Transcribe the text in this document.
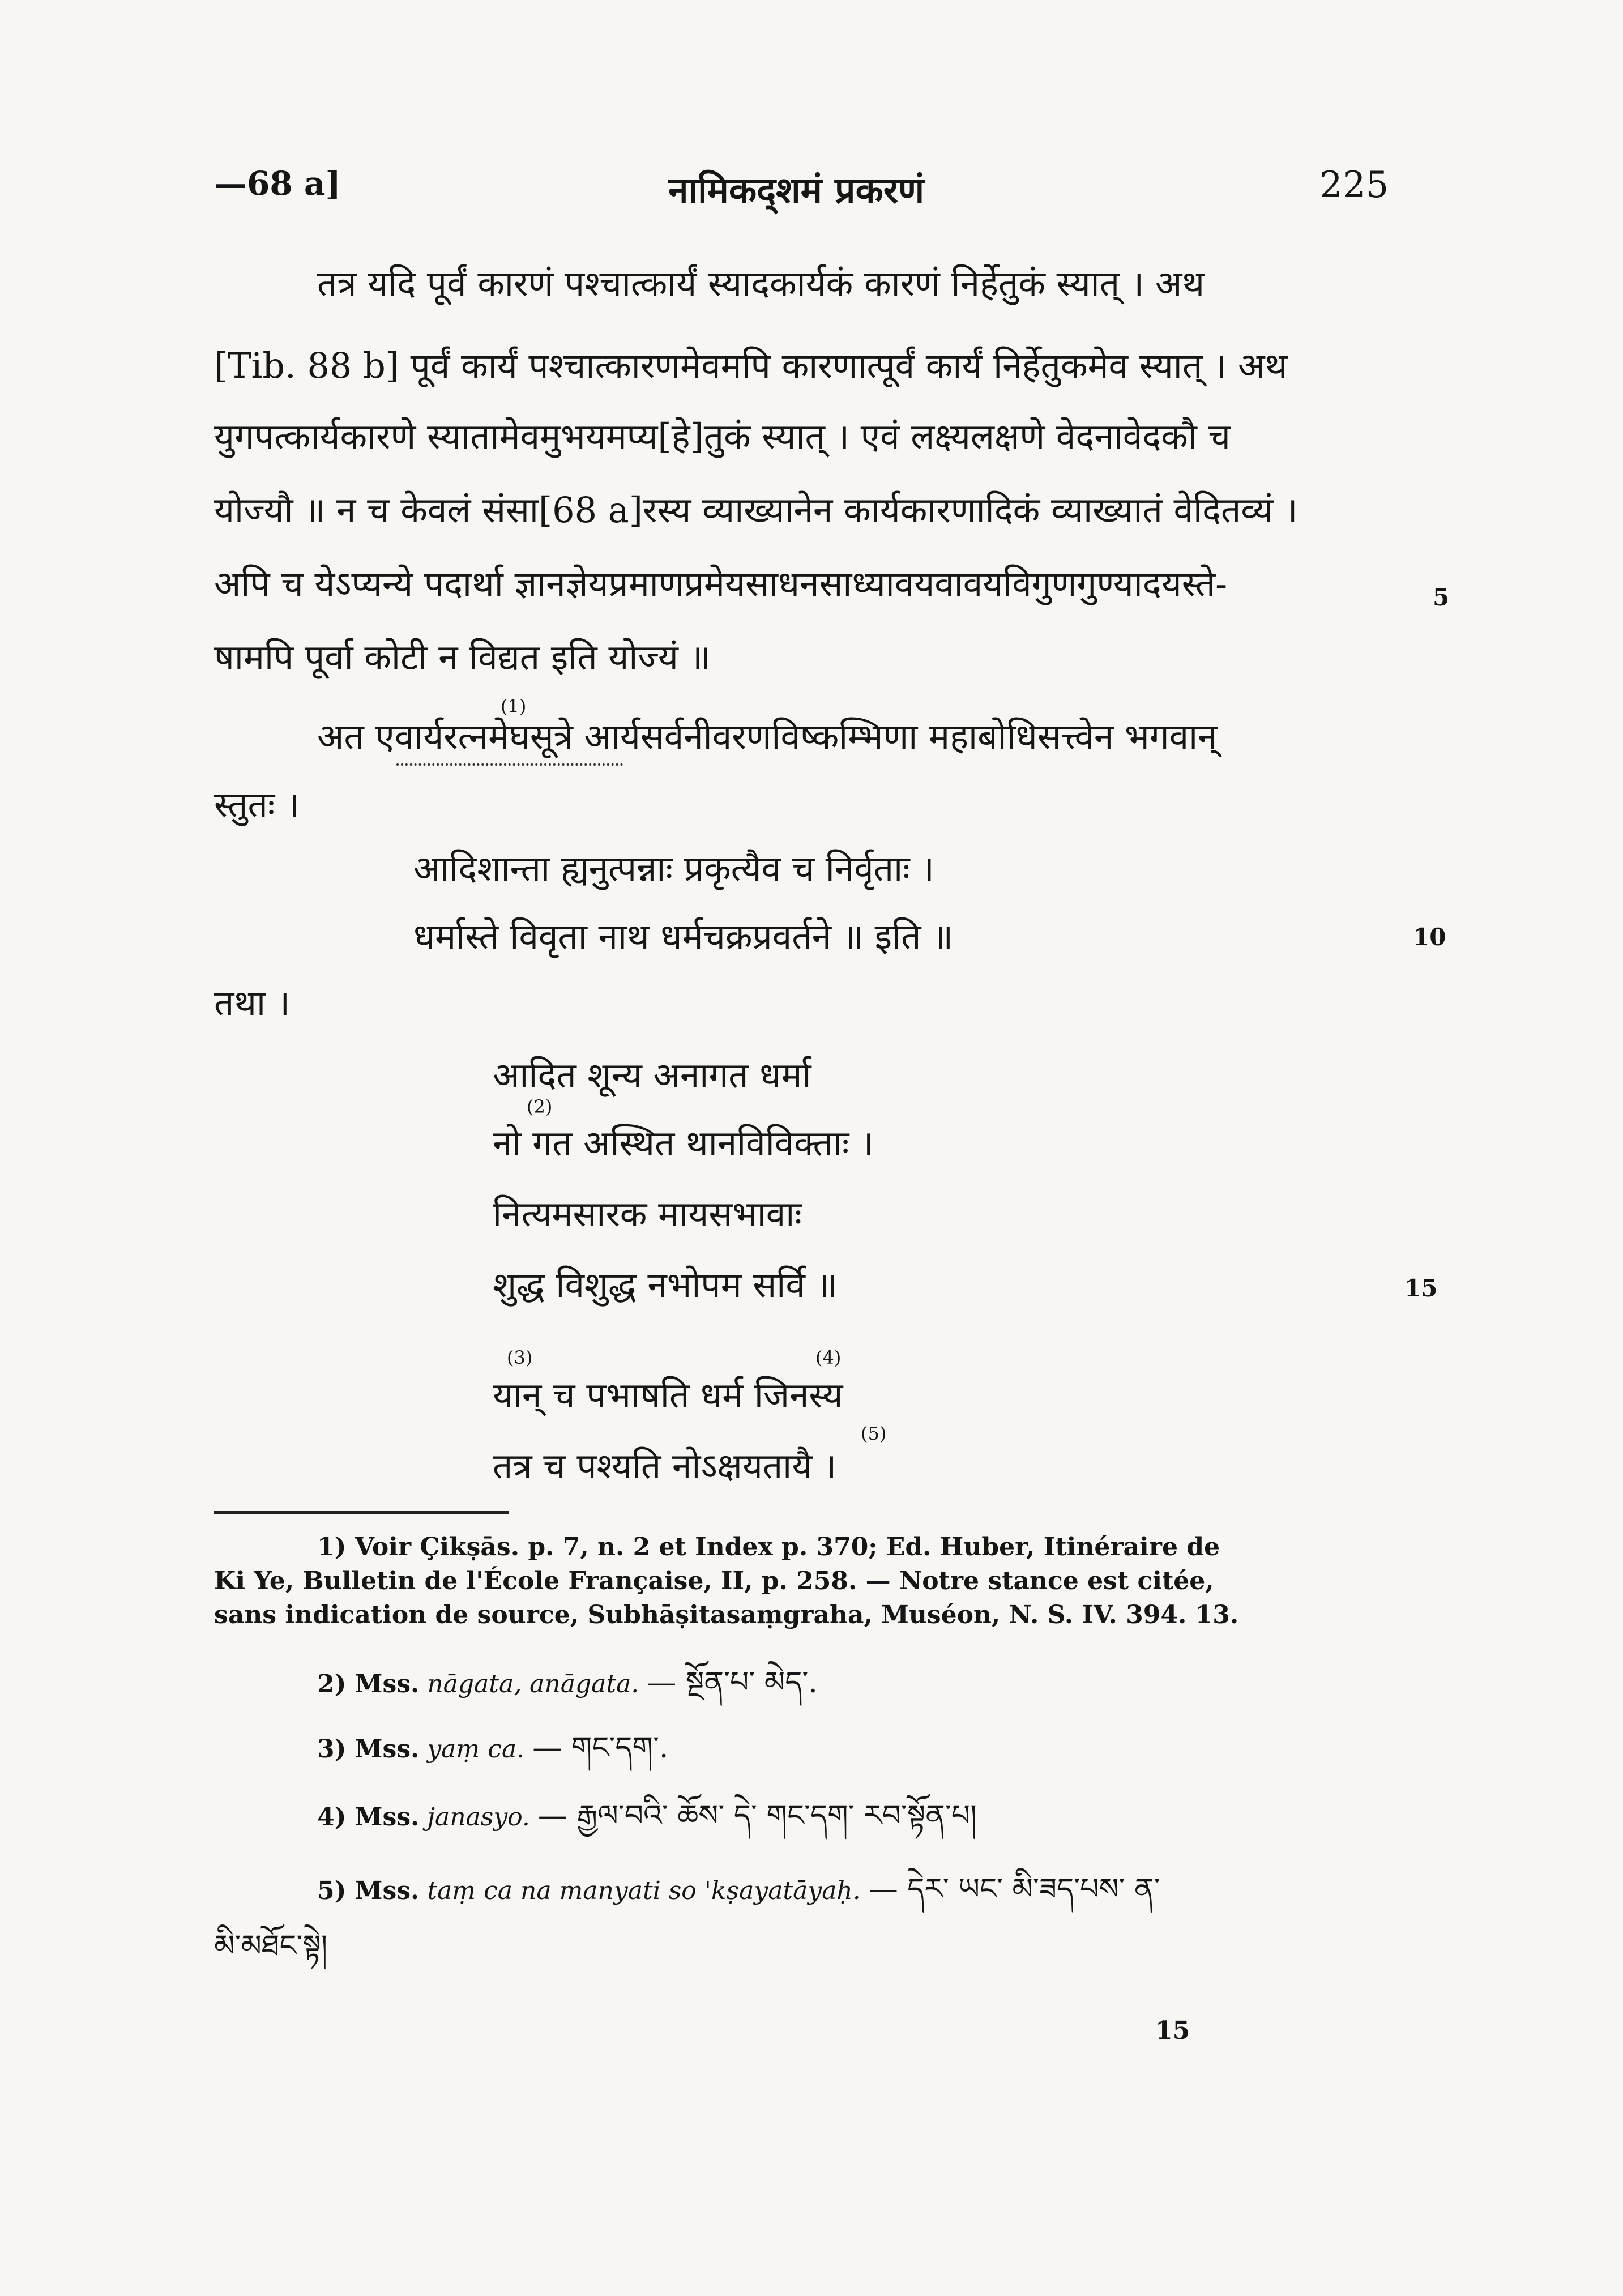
—68 a]	नामिकद्शमं प्रकरणं	225
तत्र यदि पूर्वं कारणं पश्चात्कार्यं स्यादकार्यकं कारणं निर्हेतुकं स्यात् । अथ
[Tib. 88 b] पूर्वं कार्यं पश्चात्कारणमेवमपि कारणात्पूर्वं कार्यं निर्हेतुकमेव स्यात् । अथ
युगपत्कार्यकारणे स्यातामेवमुभयमप्य[हे]तुकं स्यात् । एवं लक्ष्यलक्षणे वेदनावेदकौ च
योज्यौ ॥ न च केवलं संसा[68 a]रस्य व्याख्यानेन कार्यकारणादिकं व्याख्यातं वेदितव्यं ।
अपि च येऽप्यन्ये पदार्था ज्ञानज्ञेयप्रमाणप्रमेयसाधनसाध्यावयवावयविगुणगुण्यादयस्ते-	5
षामपि पूर्वा कोटी न विद्यत इति योज्यं ॥
अत एवार्यरत्नमेघसूत्रे आर्यसर्वनीवरणविष्कम्भिणा महाबोधिसत्त्वेन भगवान्
(1)
स्तुतः ।
आदिशान्ता ह्यनुत्पन्नाः प्रकृत्यैव च निर्वृताः ।
धर्मास्ते विवृता नाथ धर्मचक्रप्रवर्तने ॥ इति ॥	10
तथा ।
आदित शून्य अनागत धर्मा
(2)
नो गत अस्थित थानविविक्ताः ।
नित्यमसारक मायसभावाः
शुद्ध विशुद्ध नभोपम सर्वि ॥	15
(3)	(4)
यान् च पभाषति धर्म जिनस्य
(5)
तत्र च पश्यति नोऽक्षयतायै ।
1) Voir Çikṣās. p. 7, n. 2 et Index p. 370; Ed. Huber, Itinéraire de
Ki Ye, Bulletin de l'École Française, II, p. 258. — Notre stance est citée,
sans indication de source, Subhāṣitasaṃgraha, Muséon, N. S. IV. 394. 13.
2) Mss. nāgata, anāgata. — སྔོན་པ་ མེད་.
3) Mss. yaṃ ca. — གང་དག་.
4) Mss. janasyo. — རྒྱལ་བའི་ ཆོས་ དེ་ གང་དག་ རབ་སྟོན་པ།
5) Mss. taṃ ca na manyati so 'kṣayatāyaḥ. — དེར་ ཡང་ མི་ཟད་པས་ ན་
མི་མཐོང་སྟེ།
15
